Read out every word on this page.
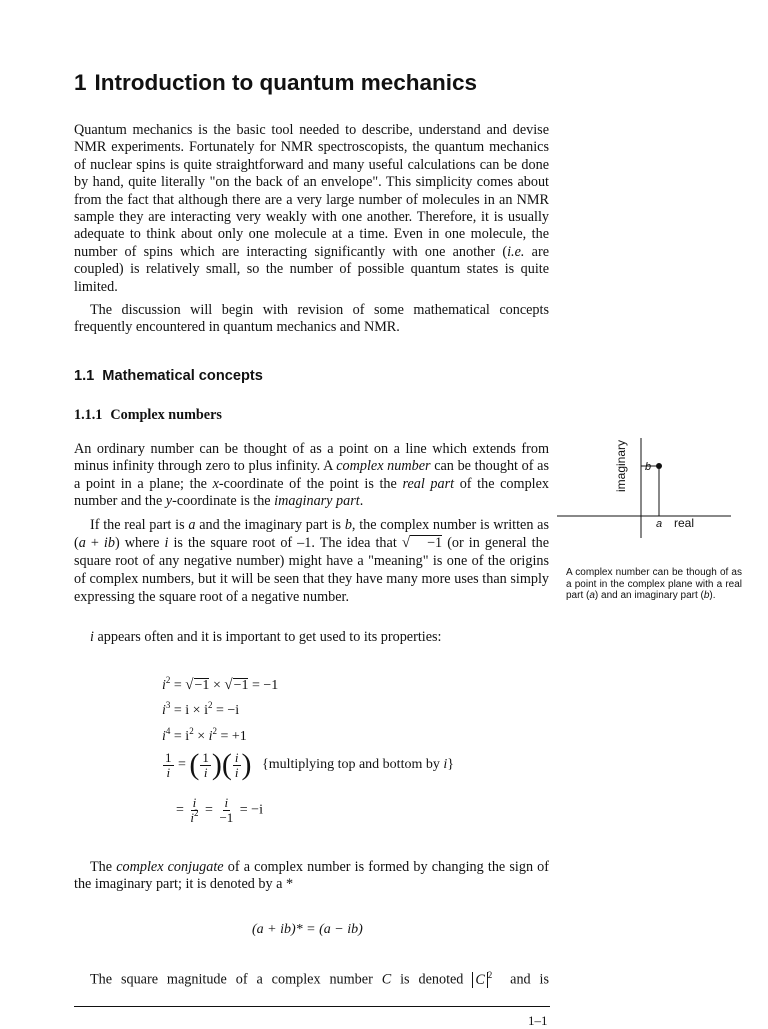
1 Introduction to quantum mechanics

Quantum mechanics is the basic tool needed to describe, understand and devise NMR experiments. Fortunately for NMR spectroscopists, the quantum mechanics of nuclear spins is quite straightforward and many useful calculations can be done by hand, quite literally "on the back of an envelope". This simplicity comes about from the fact that although there are a very large number of molecules in an NMR sample they are interacting very weakly with one another. Therefore, it is usually adequate to think about only one molecule at a time. Even in one molecule, the number of spins which are interacting significantly with one another (i.e. are coupled) is relatively small, so the number of possible quantum states is quite limited.

The discussion will begin with revision of some mathematical concepts frequently encountered in quantum mechanics and NMR.

1.1 Mathematical concepts
1.1.1 Complex numbers

An ordinary number can be thought of as a point on a line which extends from minus infinity through zero to plus infinity. A complex number can be thought of as a point in a plane; the x-coordinate of the point is the real part of the complex number and the y-coordinate is the imaginary part.

If the real part is a and the imaginary part is b, the complex number is written as (a + ib) where i is the square root of –1. The idea that √ −1 (or in general the square root of any negative number) might have a "meaning" is one of the origins of complex numbers, but it will be seen that they have many more uses than simply expressing the square root of a negative number.

i appears often and it is important to get used to its properties:

$i^2 = √-1 \times √-1 = -1$
$i^3 = i \times i^2 = -i$
$i^4 = i^2 \times i^2 = +1$
$\frac{1}{i}$ = ( $\frac{1}{i}$ )( $\frac{i}{i}$ ) {multiplying top and bottom by i}
= $\frac{i}{i^2} = \frac{i}{-1} = -i$

The complex conjugate of a complex number is formed by changing the sign of the imaginary part; it is denoted by a *

(a + ib)* = (a − ib)

The square magnitude of a complex number C is denoted C $^2$ and is

imaginary b
a real

A complex number can be though of as a point in the complex plane with a real part (a) and an imaginary part (b).

1–1
